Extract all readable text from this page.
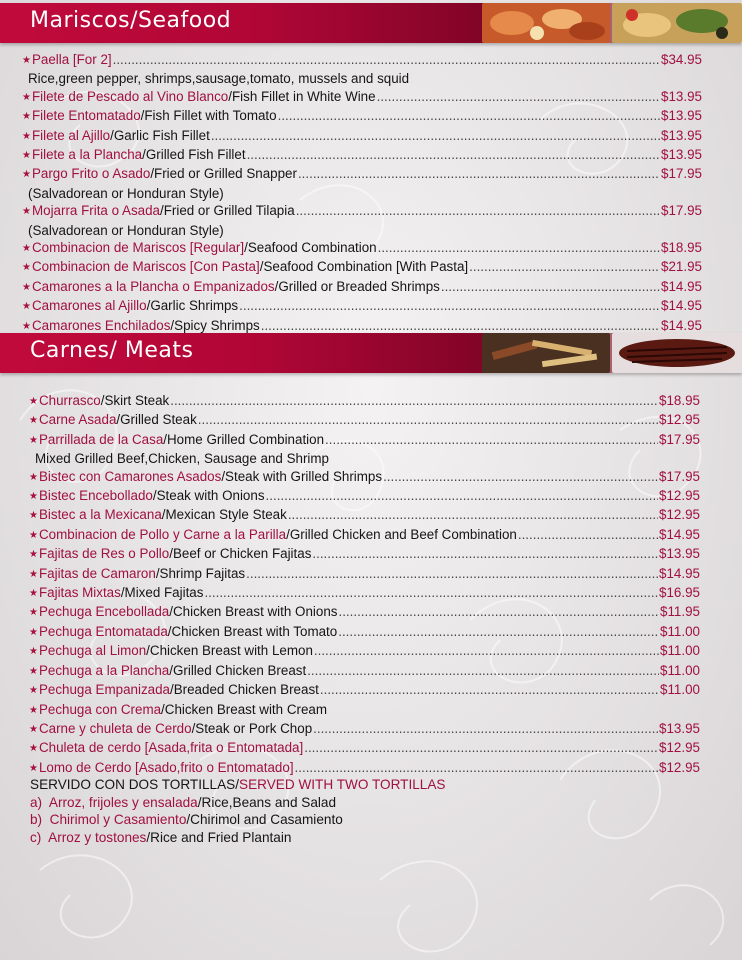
Mariscos/Seafood
★ Paella [For 2] .....	$34.95
Rice,green pepper, shrimps,sausage,tomato, mussels and squid
★ Filete de Pescado al Vino Blanco /Fish Fillet in White Wine .....	$13.95
★ Filete Entomatado /Fish Fillet with Tomato .....	$13.95
★ Filete al Ajillo /Garlic Fish Fillet .....	$13.95
★ Filete a la Plancha /Grilled Fish Fillet .....	$13.95
★ Pargo Frito o Asado /Fried or Grilled Snapper .....	$17.95
(Salvadorean or Honduran Style)
★ Mojarra Frita o Asada /Fried or Grilled Tilapia .....	$17.95
(Salvadorean or Honduran Style)
★ Combinacion de Mariscos [Regular] /Seafood Combination .....	$18.95
★ Combinacion de Mariscos [Con Pasta] /Seafood Combination [With Pasta] .....	$21.95
★ Camarones a la Plancha o Empanizados /Grilled or Breaded Shrimps .....	$14.95
★ Camarones al Ajillo /Garlic Shrimps .....	$14.95
★ Camarones Enchilados /Spicy Shrimps .....	$14.95
Carnes/ Meats
★ Churrasco /Skirt Steak .....	$18.95
★ Carne Asada /Grilled Steak .....	$12.95
★ Parrillada de la Casa /Home Grilled Combination .....	$17.95
Mixed Grilled Beef,Chicken, Sausage and Shrimp
★ Bistec con Camarones Asados /Steak with Grilled Shrimps .....	$17.95
★ Bistec Encebollado /Steak with Onions .....	$12.95
★ Bistec a la Mexicana /Mexican Style Steak .....	$12.95
★ Combinacion de Pollo y Carne a la Parilla /Grilled Chicken and Beef Combination .....	$14.95
★ Fajitas de Res o Pollo /Beef or Chicken Fajitas .....	$13.95
★ Fajitas de Camaron /Shrimp Fajitas .....	$14.95
★ Fajitas Mixtas /Mixed Fajitas .....	$16.95
★ Pechuga Encebollada /Chicken Breast with Onions .....	$11.95
★ Pechuga Entomatada /Chicken Breast with Tomato .....	$11.00
★ Pechuga al Limon /Chicken Breast with Lemon .....	$11.00
★ Pechuga a la Plancha /Grilled Chicken Breast .....	$11.00
★ Pechuga Empanizada /Breaded Chicken Breast .....	$11.00
★ Pechuga con Crema /Chicken Breast with Cream
★ Carne y chuleta de Cerdo /Steak or Pork Chop .....	$13.95
★ Chuleta de cerdo [Asada,frita o Entomatada] .....	$12.95
★ Lomo de Cerdo [Asado,frito o Entomatado] .....	$12.95
SERVIDO CON DOS TORTILLAS/SERVED WITH TWO TORTILLAS
a) Arroz, frijoles y ensalada/Rice,Beans and Salad
b) Chirimol y Casamiento/Chirimol and Casamiento
c) Arroz y tostones/Rice and Fried Plantain
